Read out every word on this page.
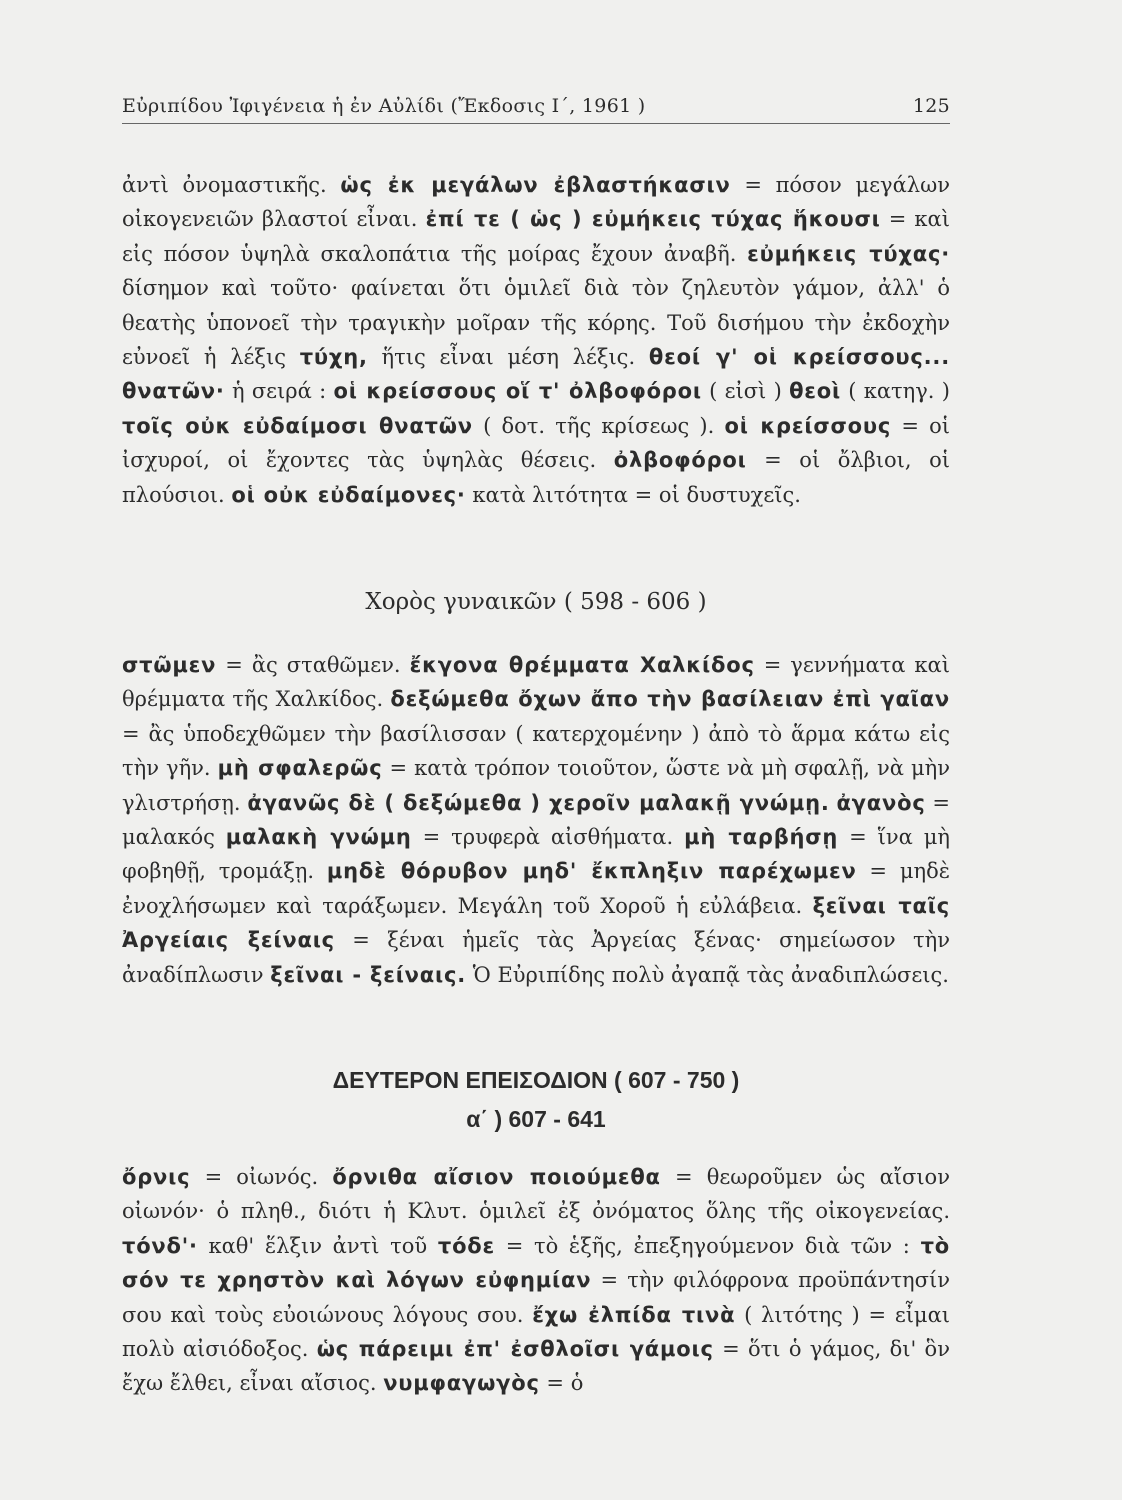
Εὐριπίδου Ἰφιγένεια ἡ ἐν Αὐλίδι (Ἔκδοσις Ι΄, 1961 )	125

ἀντὶ ὀνομαστικῆς. ὡς ἐκ μεγάλων ἐβλαστήκασιν = πόσον μεγάλων οἰκογενειῶν βλαστοί εἶναι. ἐπί τε ( ὡς ) εὐμήκεις τύχας ἥκουσι = καὶ εἰς πόσον ὑψηλὰ σκαλοπάτια τῆς μοίρας ἔχουν ἀναβῆ. εὐμήκεις τύχας· δίσημον καὶ τοῦτο· φαίνεται ὅτι ὁμιλεῖ διὰ τὸν ζηλευτὸν γάμον, ἀλλ' ὁ θεατὴς ὑπονοεῖ τὴν τραγικὴν μοῖραν τῆς κόρης. Τοῦ δισήμου τὴν ἐκδοχὴν εὐνοεῖ ἡ λέξις τύχη, ἥτις εἶναι μέση λέξις. θεοί γ' οἱ κρείσσους... θνατῶν· ἡ σειρά : οἱ κρείσσους οἵ τ' ὀλβοφόροι ( εἰσὶ ) θεοὶ ( κατηγ. ) τοῖς οὐκ εὐδαίμοσι θνατῶν ( δοτ. τῆς κρίσεως ). οἱ κρείσσους = οἱ ἰσχυροί, οἱ ἔχοντες τὰς ὑψηλὰς θέσεις. ὀλβοφόροι = οἱ ὄλβιοι, οἱ πλούσιοι. οἱ οὐκ εὐδαίμονες· κατὰ λιτότητα = οἱ δυστυχεῖς.

Χορὸς γυναικῶν ( 598 - 606 )

στῶμεν = ἂς σταθῶμεν. ἔκγονα θρέμματα Χαλκίδος = γεννήματα καὶ θρέμματα τῆς Χαλκίδος. δεξώμεθα ὄχων ἄπο τὴν βασίλειαν ἐπὶ γαῖαν = ἂς ὑποδεχθῶμεν τὴν βασίλισσαν ( κατερχομένην ) ἀπὸ τὸ ἅρμα κάτω εἰς τὴν γῆν. μὴ σφαλερῶς = κατὰ τρόπον τοιοῦτον, ὥστε νὰ μὴ σφαλῇ, νὰ μὴν γλιστρήσῃ. ἀγανῶς δὲ ( δεξώμεθα ) χεροῖν μαλακῇ γνώμῃ. ἀγανὸς = μαλακός μαλακὴ γνώμη = τρυφερὰ αἰσθήματα. μὴ ταρβήσῃ = ἵνα μὴ φοβηθῇ, τρομάξῃ. μηδὲ θόρυβον μηδ' ἔκπληξιν παρέχωμεν = μηδὲ ἐνοχλήσωμεν καὶ ταράξωμεν. Μεγάλη τοῦ Χοροῦ ἡ εὐλάβεια. ξεῖναι ταῖς Ἀργείαις ξείναις = ξέναι ἡμεῖς τὰς Ἀργείας ξένας· σημείωσον τὴν ἀναδίπλωσιν ξεῖναι - ξείναις. Ὁ Εὐριπίδης πολὺ ἀγαπᾷ τὰς ἀναδιπλώσεις.

ΔΕΥΤΕΡΟΝ ΕΠΕΙΣΟΔΙΟΝ ( 607 - 750 )
α΄ ) 607 - 641

ὄρνις = οἰωνός. ὄρνιθα αἴσιον ποιούμεθα = θεωροῦμεν ὡς αἴσιον οἰωνόν· ὁ πληθ., διότι ἡ Κλυτ. ὁμιλεῖ ἐξ ὀνόματος ὅλης τῆς οἰκογενείας. τόνδ'· καθ' ἕλξιν ἀντὶ τοῦ τόδε = τὸ ἑξῆς, ἐπεξηγούμενον διὰ τῶν : τὸ σόν τε χρηστὸν καὶ λόγων εὐφημίαν = τὴν φιλόφρονα προϋπάντησίν σου καὶ τοὺς εὐοιώνους λόγους σου. ἔχω ἐλπίδα τινὰ ( λιτότης ) = εἶμαι πολὺ αἰσιόδοξος. ὡς πάρειμι ἐπ' ἐσθλοῖσι γάμοις = ὅτι ὁ γάμος, δι' ὃν ἔχω ἔλθει, εἶναι αἴσιος. νυμφαγωγὸς = ὁ
